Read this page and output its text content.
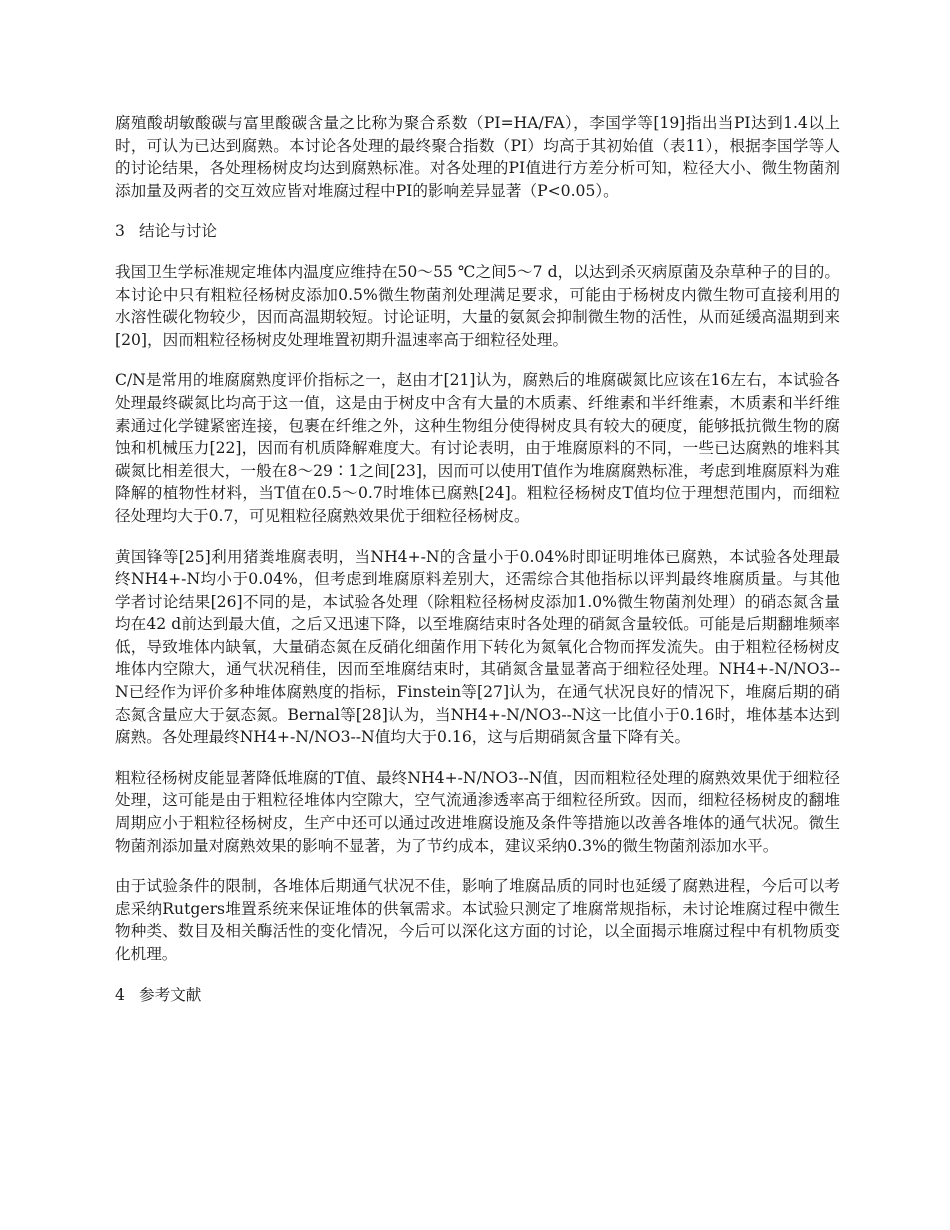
腐殖酸胡敏酸碳与富里酸碳含量之比称为聚合系数（PI=HA/FA），李国学等[19]指出当PI达到1.4以上时，可认为已达到腐熟。本讨论各处理的最终聚合指数（PI）均高于其初始值（表11），根据李国学等人的讨论结果，各处理杨树皮均达到腐熟标准。对各处理的PI值进行方差分析可知，粒径大小、微生物菌剂添加量及两者的交互效应皆对堆腐过程中PI的影响差异显著（P<0.05）。

3 结论与讨论

我国卫生学标准规定堆体内温度应维持在50～55 ℃之间5～7 d，以达到杀灭病原菌及杂草种子的目的。本讨论中只有粗粒径杨树皮添加0.5%微生物菌剂处理满足要求，可能由于杨树皮内微生物可直接利用的水溶性碳化物较少，因而高温期较短。讨论证明，大量的氨氮会抑制微生物的活性，从而延缓高温期到来[20]，因而粗粒径杨树皮处理堆置初期升温速率高于细粒径处理。

C/N是常用的堆腐腐熟度评价指标之一，赵由才[21]认为，腐熟后的堆腐碳氮比应该在16左右，本试验各处理最终碳氮比均高于这一值，这是由于树皮中含有大量的木质素、纤维素和半纤维素，木质素和半纤维素通过化学键紧密连接，包裹在纤维之外，这种生物组分使得树皮具有较大的硬度，能够抵抗微生物的腐蚀和机械压力[22]，因而有机质降解难度大。有讨论表明，由于堆腐原料的不同，一些已达腐熟的堆料其碳氮比相差很大，一般在8～29∶1之间[23]，因而可以使用T值作为堆腐腐熟标准，考虑到堆腐原料为难降解的植物性材料，当T值在0.5～0.7时堆体已腐熟[24]。粗粒径杨树皮T值均位于理想范围内，而细粒径处理均大于0.7，可见粗粒径腐熟效果优于细粒径杨树皮。

黄国锋等[25]利用猪粪堆腐表明，当NH4+-N的含量小于0.04%时即证明堆体已腐熟，本试验各处理最终NH4+-N均小于0.04%，但考虑到堆腐原料差别大，还需综合其他指标以评判最终堆腐质量。与其他学者讨论结果[26]不同的是，本试验各处理（除粗粒径杨树皮添加1.0%微生物菌剂处理）的硝态氮含量均在42 d前达到最大值，之后又迅速下降，以至堆腐结束时各处理的硝氮含量较低。可能是后期翻堆频率低，导致堆体内缺氧，大量硝态氮在反硝化细菌作用下转化为氮氧化合物而挥发流失。由于粗粒径杨树皮堆体内空隙大，通气状况稍佳，因而至堆腐结束时，其硝氮含量显著高于细粒径处理。NH4+-N/NO3--N已经作为评价多种堆体腐熟度的指标，Finstein等[27]认为，在通气状况良好的情况下，堆腐后期的硝态氮含量应大于氨态氮。Bernal等[28]认为，当NH4+-N/NO3--N这一比值小于0.16时，堆体基本达到腐熟。各处理最终NH4+-N/NO3--N值均大于0.16，这与后期硝氮含量下降有关。

粗粒径杨树皮能显著降低堆腐的T值、最终NH4+-N/NO3--N值，因而粗粒径处理的腐熟效果优于细粒径处理，这可能是由于粗粒径堆体内空隙大，空气流通渗透率高于细粒径所致。因而，细粒径杨树皮的翻堆周期应小于粗粒径杨树皮，生产中还可以通过改进堆腐设施及条件等措施以改善各堆体的通气状况。微生物菌剂添加量对腐熟效果的影响不显著，为了节约成本，建议采纳0.3%的微生物菌剂添加水平。

由于试验条件的限制，各堆体后期通气状况不佳，影响了堆腐品质的同时也延缓了腐熟进程，今后可以考虑采纳Rutgers堆置系统来保证堆体的供氧需求。本试验只测定了堆腐常规指标，未讨论堆腐过程中微生物种类、数目及相关酶活性的变化情况，今后可以深化这方面的讨论，以全面揭示堆腐过程中有机物质变化机理。

4 参考文献
